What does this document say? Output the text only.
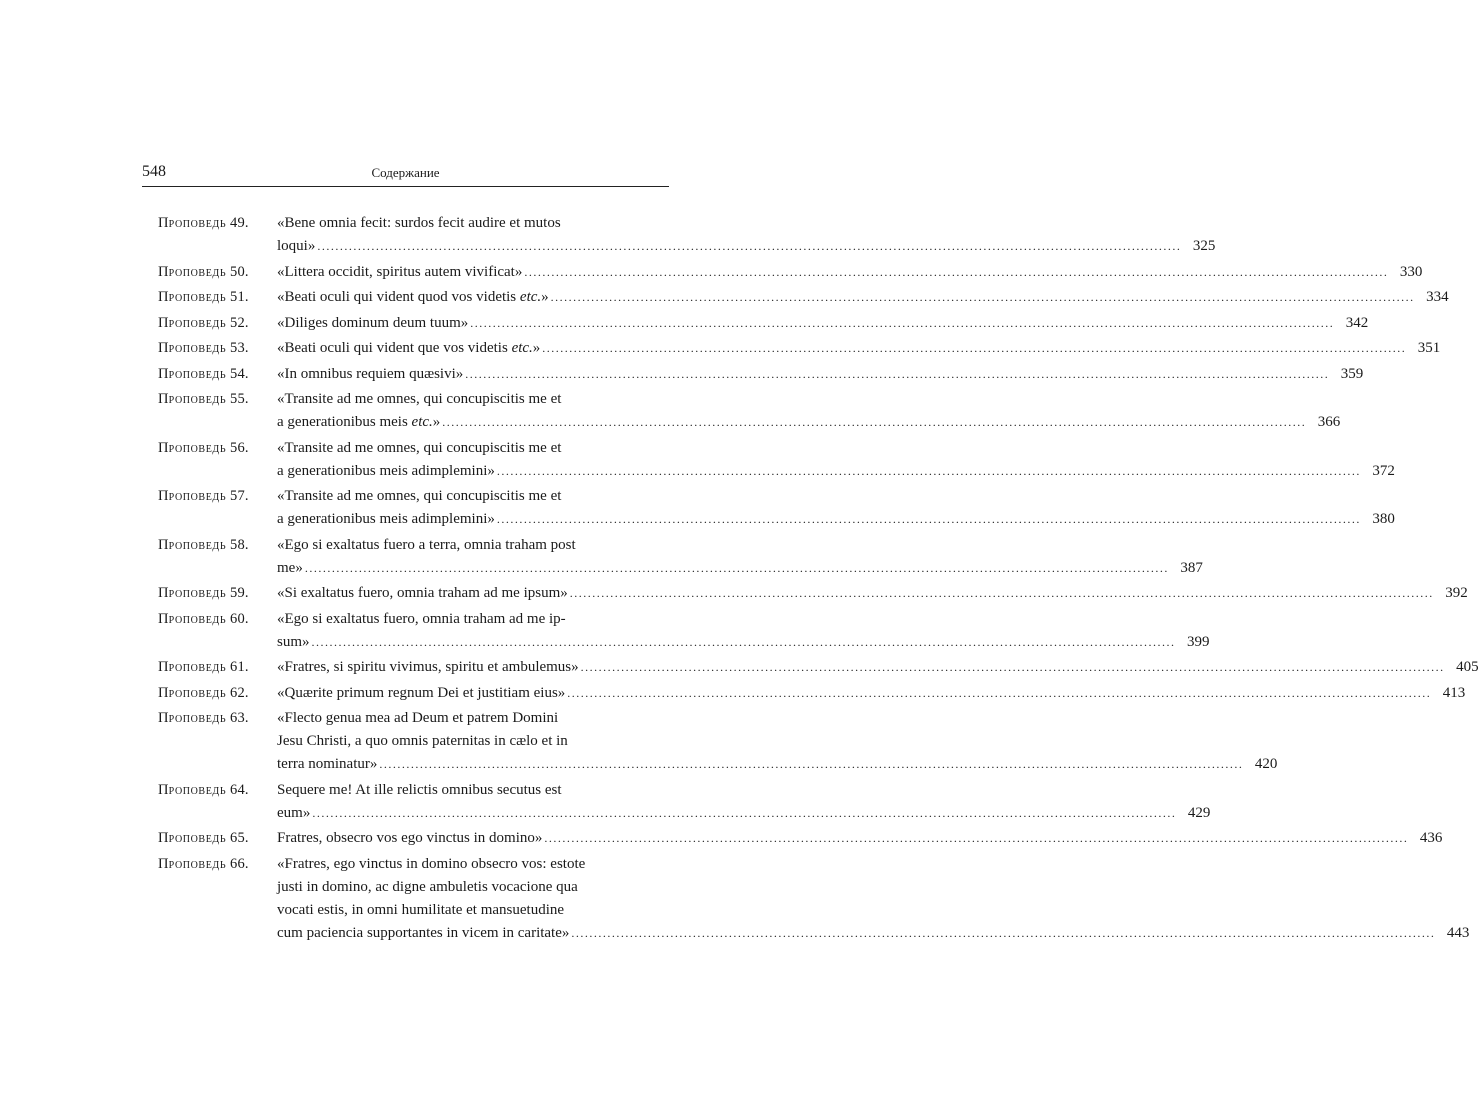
548	Содержание
Проповедь 49.	«Bene omnia fecit: surdos fecit audire et mutos
loqui» .....	325
Проповедь 50.	«Littera occidit, spiritus autem vivificat» .....	330
Проповедь 51.	«Beati oculi qui vident quod vos videtis etc.» .....	334
Проповедь 52.	«Diliges dominum deum tuum» .....	342
Проповедь 53.	«Beati oculi qui vident que vos videtis etc.» .....	351
Проповедь 54.	«In omnibus requiem quæsivi» .....	359
Проповедь 55.	«Transite ad me omnes, qui concupiscitis me et
a generationibus meis etc.» .....	366
Проповедь 56.	«Transite ad me omnes, qui concupiscitis me et
a generationibus meis adimplemini» .....	372
Проповедь 57.	«Transite ad me omnes, qui concupiscitis me et
a generationibus meis adimplemini» .....	380
Проповедь 58.	«Ego si exaltatus fuero a terra, omnia traham post
me» .....	387
Проповедь 59.	«Si exaltatus fuero, omnia traham ad me ipsum» .....	392
Проповедь 60.	«Ego si exaltatus fuero, omnia traham ad me ip-
sum» .....	399
Проповедь 61.	«Fratres, si spiritu vivimus, spiritu et ambulemus» .....	405
Проповедь 62.	«Quærite primum regnum Dei et justitiam eius» .....	413
Проповедь 63.	«Flecto genua mea ad Deum et patrem Domini
Jesu Christi, a quo omnis paternitas in cælo et in
terra nominatur» .....	420
Проповедь 64.	Sequere me! At ille relictis omnibus secutus est
eum» .....	429
Проповедь 65.	Fratres, obsecro vos ego vinctus in domino» .....	436
Проповедь 66.	«Fratres, ego vinctus in domino obsecro vos: estote
justi in domino, ac digne ambuletis vocacione qua
vocati estis, in omni humilitate et mansuetudine
cum paciencia supportantes in vicem in caritate» .....	443
